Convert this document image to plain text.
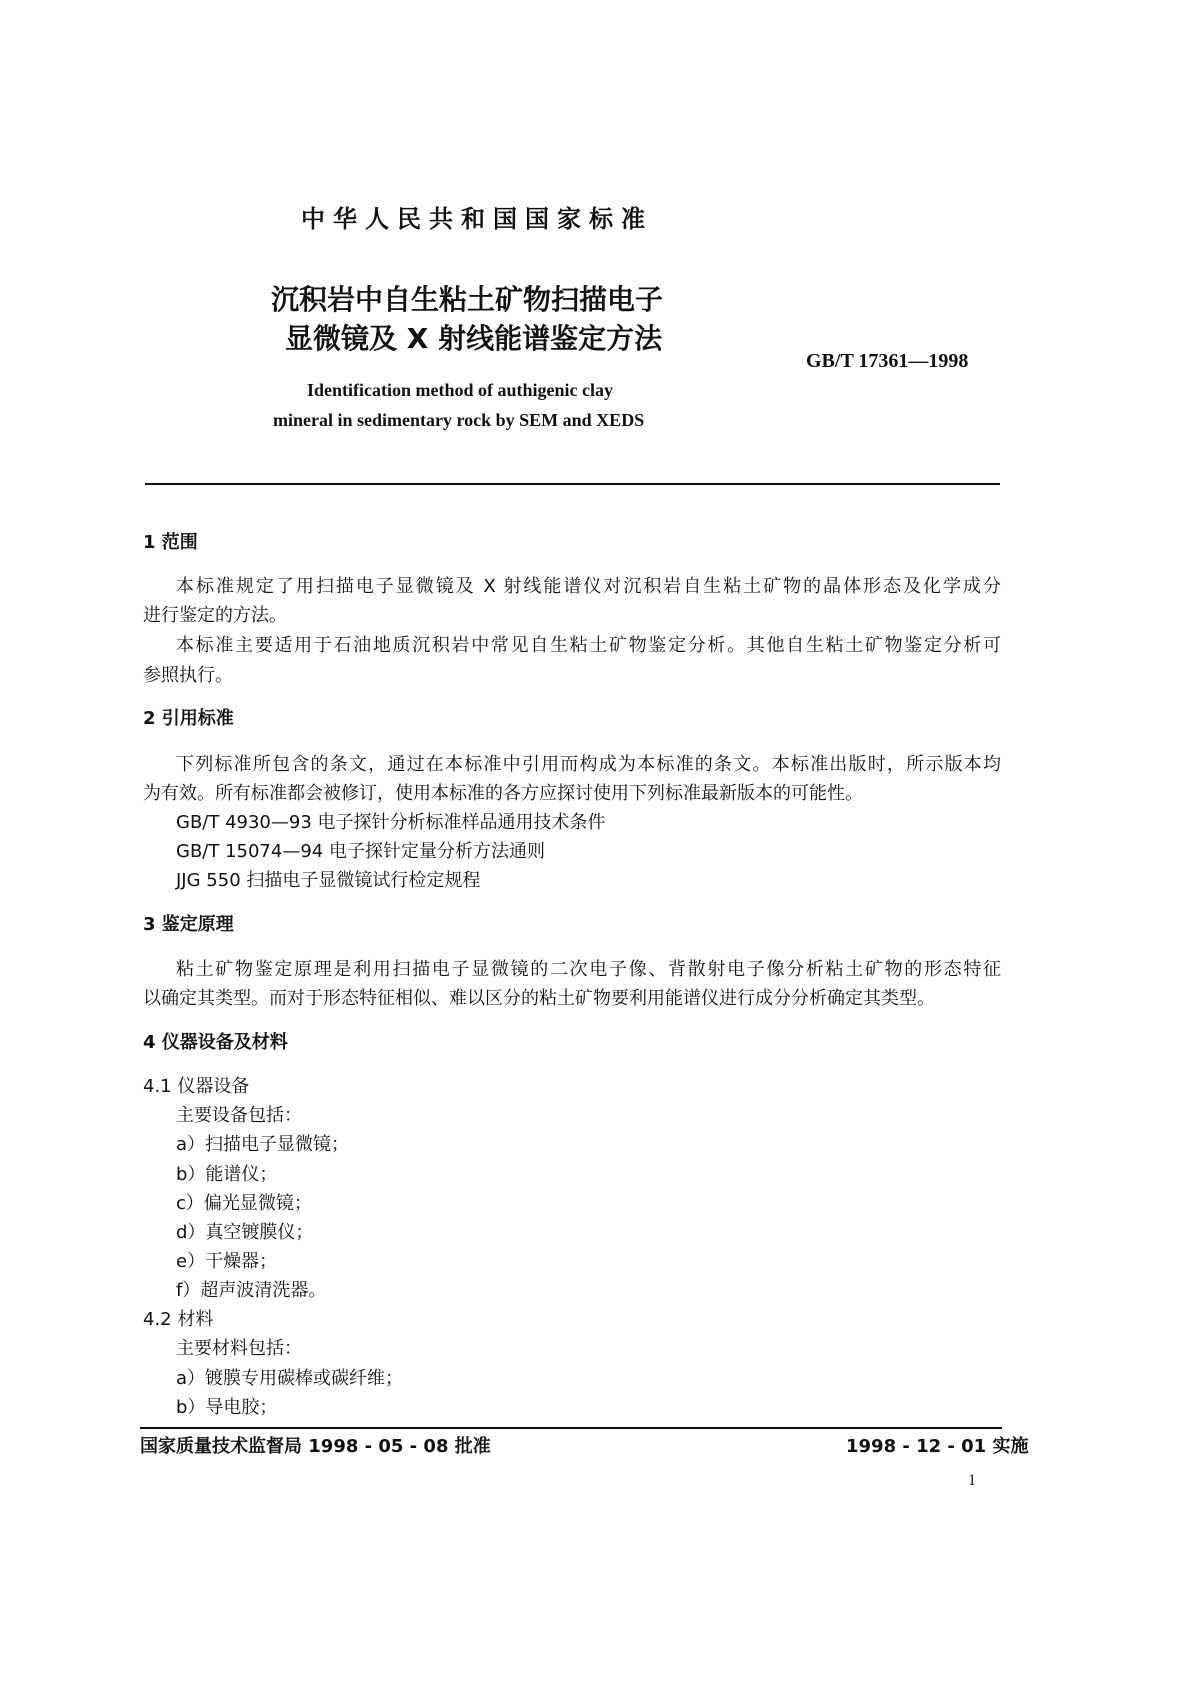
中华人民共和国国家标准
沉积岩中自生粘土矿物扫描电子
显微镜及 X 射线能谱鉴定方法
GB/T 17361—1998
Identification method of authigenic clay
mineral in sedimentary rock by SEM and XEDS
1 范围
本标准规定了用扫描电子显微镜及 X 射线能谱仪对沉积岩自生粘土矿物的晶体形态及化学成分
进行鉴定的方法。
本标准主要适用于石油地质沉积岩中常见自生粘土矿物鉴定分析。其他自生粘土矿物鉴定分析可
参照执行。
2 引用标准
下列标准所包含的条文，通过在本标准中引用而构成为本标准的条文。本标准出版时，所示版本均
为有效。所有标准都会被修订，使用本标准的各方应探讨使用下列标准最新版本的可能性。
GB/T 4930—93 电子探针分析标准样品通用技术条件
GB/T 15074—94 电子探针定量分析方法通则
JJG 550 扫描电子显微镜试行检定规程
3 鉴定原理
粘土矿物鉴定原理是利用扫描电子显微镜的二次电子像、背散射电子像分析粘土矿物的形态特征
以确定其类型。而对于形态特征相似、难以区分的粘土矿物要利用能谱仪进行成分分析确定其类型。
4 仪器设备及材料
4.1 仪器设备
主要设备包括：
a）扫描电子显微镜；
b）能谱仪；
c）偏光显微镜；
d）真空镀膜仪；
e）干燥器；
f）超声波清洗器。
4.2 材料
主要材料包括：
a）镀膜专用碳棒或碳纤维；
b）导电胶；
国家质量技术监督局 1998 - 05 - 08 批准	1998 - 12 - 01 实施
1
